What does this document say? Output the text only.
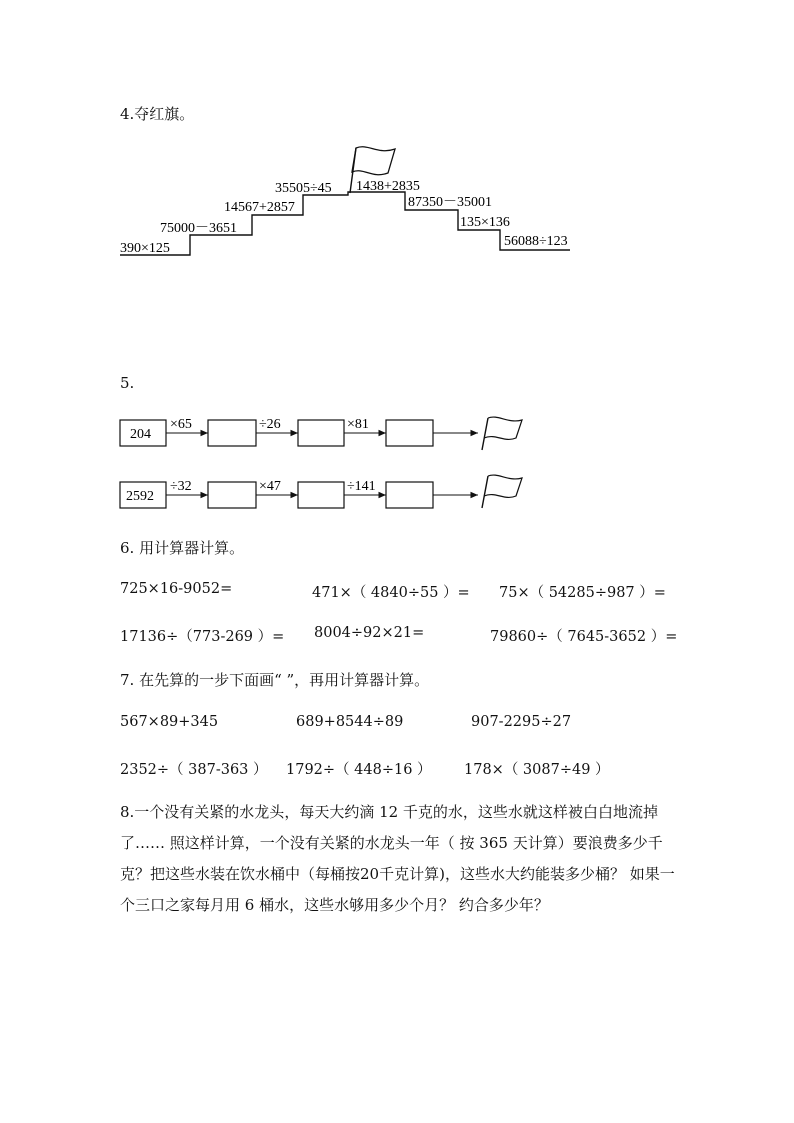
4.夺红旗。
390×125
75000－3651
14567+2857
35505÷45 1438+2835
87350－35001
135×136
56088÷123
5.
204
×65	÷26	×81
2592
÷32	×47	÷141
6. 用计算器计算。
725×16-9052=	471×（ 4840÷55 ）= 75×（ 54285÷987 ）=
17136÷（773-269 ）= 8004÷92×21=	79860÷（ 7645-3652 ）=
7. 在先算的一步下面画“ ”，再用计算器计算。
567×89+345	689+8544÷89	907-2295÷27
2352÷（ 387-363 ） 1792÷（ 448÷16 ） 178×（ 3087÷49 ）
8.一个没有关紧的水龙头，每天大约滴 12 千克的水，这些水就这样被白白地流掉了…… 照这样计算，一个没有关紧的水龙头一年（ 按 365 天计算）要浪费多少千克？把这些水装在饮水桶中（每桶按20千克计算)，这些水大约能装多少桶？ 如果一个三口之家每月用 6 桶水，这些水够用多少个月？ 约合多少年？
